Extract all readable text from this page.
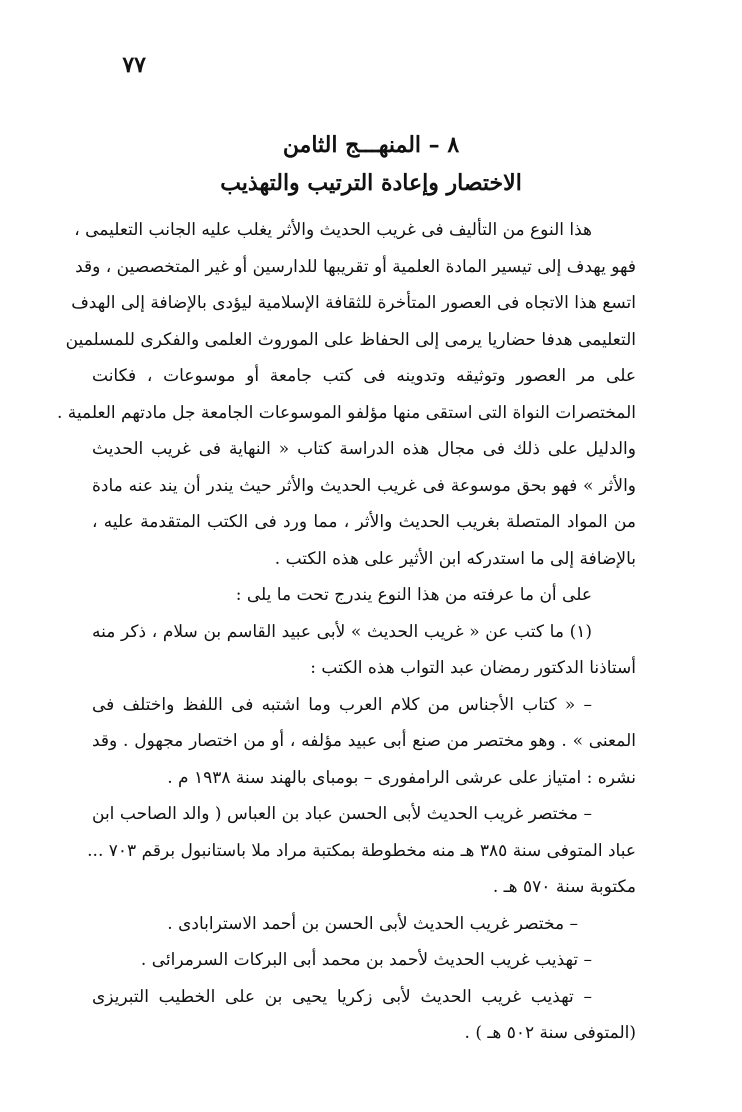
٧٧
٨ – المنهـــج الثامن
الاختصار وإعادة الترتيب والتهذيب
هذا النوع من التأليف فى غريب الحديث والأثر يغلب عليه الجانب التعليمى ،
فهو يهدف إلى تيسير المادة العلمية أو تقريبها للدارسين أو غير المتخصصين ، وقد
اتسع هذا الاتجاه فى العصور المتأخرة للثقافة الإسلامية ليؤدى بالإضافة إلى الهدف
التعليمى هدفا حضاريا يرمى إلى الحفاظ على الموروث العلمى والفكرى للمسلمين
على مر العصور وتوثيقه وتدوينه فى كتب جامعة أو موسوعات ، فكانت
المختصرات النواة التى استقى منها مؤلفو الموسوعات الجامعة جل مادتهم العلمية .
والدليل على ذلك فى مجال هذه الدراسة كتاب « النهاية فى غريب الحديث
والأثر » فهو بحق موسوعة فى غريب الحديث والأثر حيث يندر أن يند عنه مادة
من المواد المتصلة بغريب الحديث والأثر ، مما ورد فى الكتب المتقدمة عليه ،
بالإضافة إلى ما استدركه ابن الأثير على هذه الكتب .
على أن ما عرفته من هذا النوع يندرج تحت ما يلى :
(١) ما كتب عن « غريب الحديث » لأبى عبيد القاسم بن سلام ، ذكر منه
أستاذنا الدكتور رمضان عبد التواب هذه الكتب :
– « كتاب الأجناس من كلام العرب وما اشتبه فى اللفظ واختلف فى
المعنى » . وهو مختصر من صنع أبى عبيد مؤلفه ، أو من اختصار مجهول . وقد
نشره : امتياز على عرشى الرامفورى – بومباى بالهند سنة ١٩٣٨ م .
– مختصر غريب الحديث لأبى الحسن عباد بن العباس ( والد الصاحب ابن
عباد المتوفى سنة ٣٨٥ هـ منه مخطوطة بمكتبة مراد ملا باستانبول برقم ٧٠٣ ...
مكتوبة سنة ٥٧٠ هـ .
– مختصر غريب الحديث لأبى الحسن بن أحمد الاسترابادى .
– تهذيب غريب الحديث لأحمد بن محمد أبى البركات السرمرائى .
– تهذيب غريب الحديث لأبى زكريا يحيى بن على الخطيب التبريزى
(المتوفى سنة ٥٠٢ هـ ) .
